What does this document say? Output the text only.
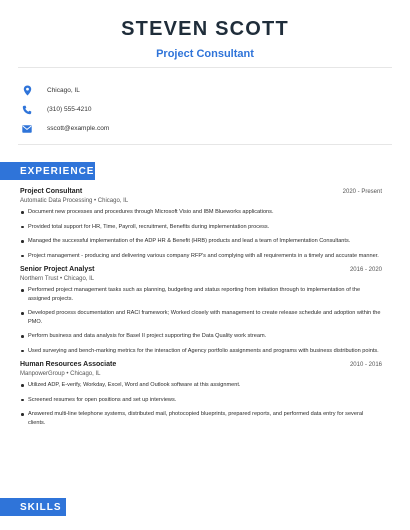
STEVEN SCOTT
Project Consultant
Chicago, IL
(310) 555-4210
sscott@example.com
EXPERIENCE
Project Consultant	2020 - Present
Automatic Data Processing • Chicago, IL
Document new processes and procedures through Microsoft Visio and IBM Blueworks applications.
Provided total support for HR, Time, Payroll, recruitment, Benefits during implementation process.
Managed the successful implementation of the ADP HR & Benefit (HRB) products and lead a team of Implementation Consultants.
Project management - producing and delivering various company RFP's and complying with all requirements in a timely and accurate manner.
Senior Project Analyst	2016 - 2020
Northern Trust • Chicago, IL
Performed project management tasks such as planning, budgeting and status reporting from initiation through to implementation of the assigned projects.
Developed process documentation and RACI framework; Worked closely with management to create release schedule and adoption within the PMO.
Perform business and data analysis for Basel II project supporting the Data Quality work stream.
Used surveying and bench-marking metrics for the interaction of Agency portfolio assignments and programs with business distribution points.
Human Resources Associate	2010 - 2016
ManpowerGroup • Chicago, IL
Utilized ADP, E-verify, Workday, Excel, Word and Outlook software at this assignment.
Screened resumes for open positions and set up interviews.
Answered multi-line telephone systems, distributed mail, photocopied blueprints, prepared reports, and performed data entry for several clients.
SKILLS
